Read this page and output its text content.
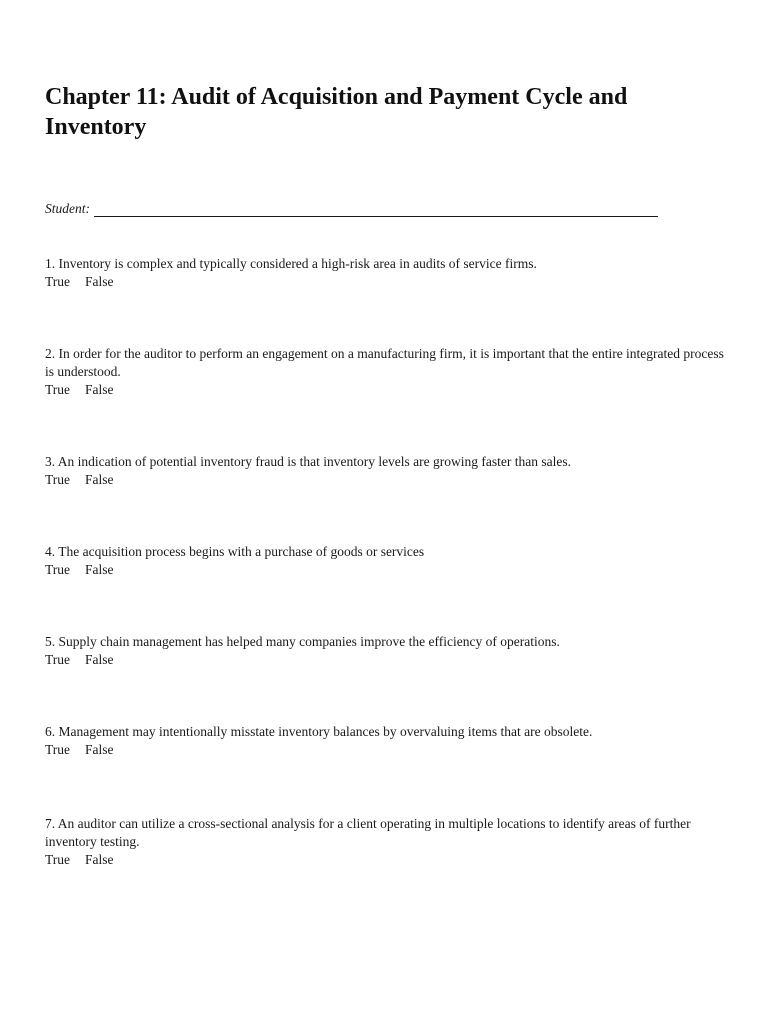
Chapter 11: Audit of Acquisition and Payment Cycle and
Inventory
Student:
1. Inventory is complex and typically considered a high-risk area in audits of service firms.
True False
2. In order for the auditor to perform an engagement on a manufacturing firm, it is important that the entire integrated process is understood.
True False
3. An indication of potential inventory fraud is that inventory levels are growing faster than sales.
True False
4. The acquisition process begins with a purchase of goods or services
True False
5. Supply chain management has helped many companies improve the efficiency of operations.
True False
6. Management may intentionally misstate inventory balances by overvaluing items that are obsolete.
True False
7. An auditor can utilize a cross-sectional analysis for a client operating in multiple locations to identify areas of further inventory testing.
True False
